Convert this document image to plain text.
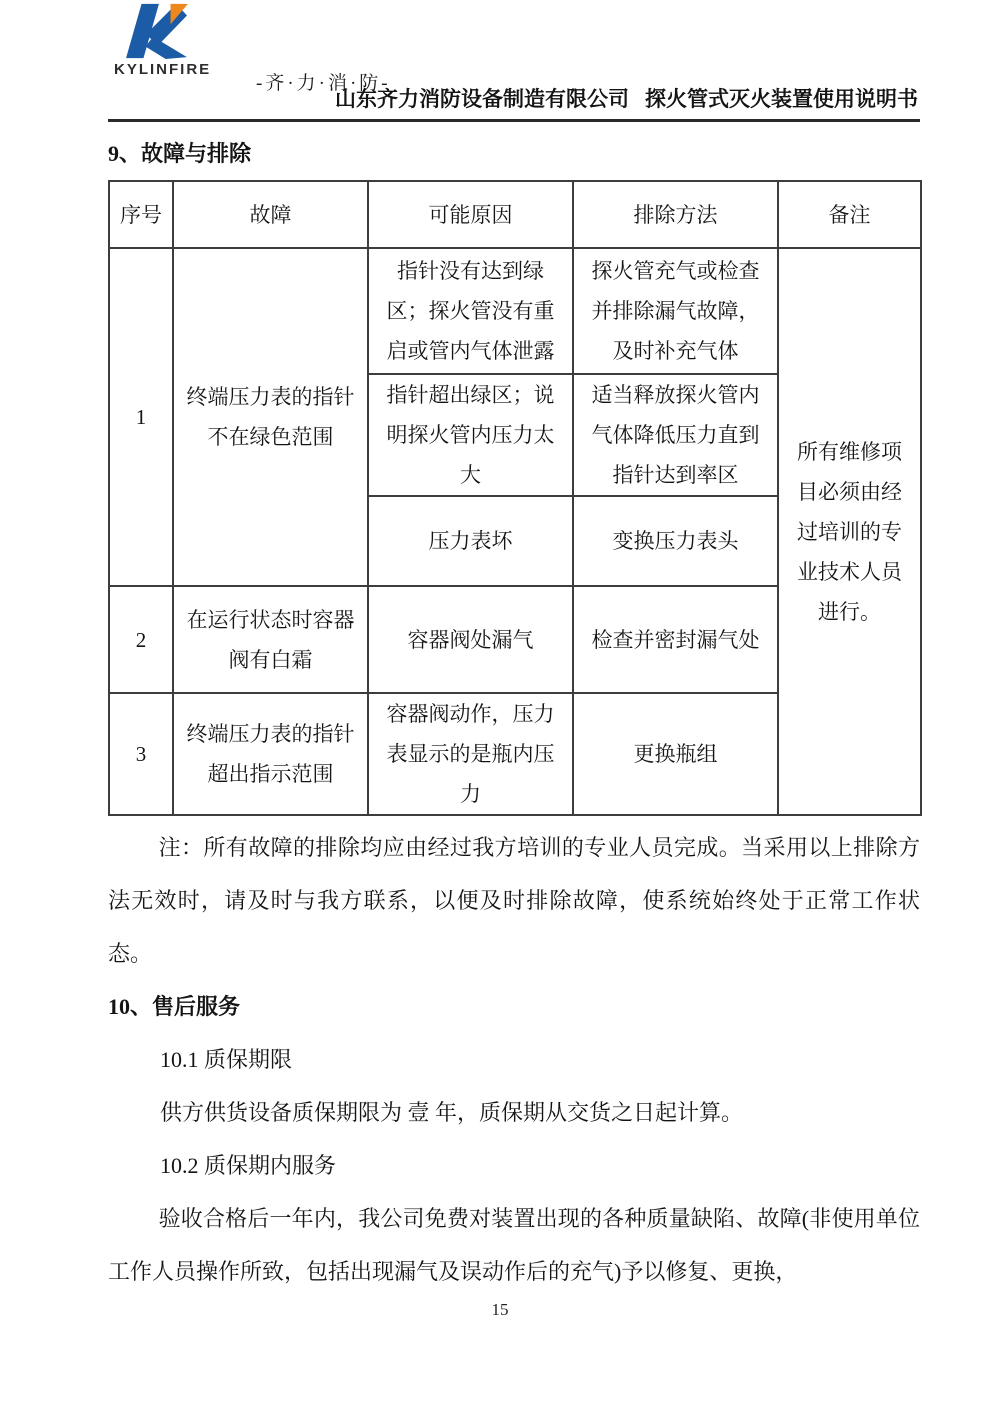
KYLINFIRE
-齐·力·消·防-
山东齐力消防设备制造有限公司 探火管式灭火装置使用说明书
9、故障与排除
序号	故障	可能原因	排除方法	备注
1	终端压力表的指针不在绿色范围	指针没有达到绿区；探火管没有重启或管内气体泄露	探火管充气或检查并排除漏气故障，及时补充气体	所有维修项目必须由经过培训的专业技术人员进行。
		指针超出绿区；说明探火管内压力太大	适当释放探火管内气体降低压力直到指针达到率区	
		压力表坏	变换压力表头	
2	在运行状态时容器阀有白霜	容器阀处漏气	检查并密封漏气处	
3	终端压力表的指针超出指示范围	容器阀动作，压力表显示的是瓶内压力	更换瓶组	

注：所有故障的排除均应由经过我方培训的专业人员完成。当采用以上排除方法无效时，请及时与我方联系，以便及时排除故障，使系统始终处于正常工作状态。

10、售后服务

10.1 质保期限

供方供货设备质保期限为 壹 年，质保期从交货之日起计算。

10.2 质保期内服务

验收合格后一年内，我公司免费对装置出现的各种质量缺陷、故障(非使用单位工作人员操作所致，包括出现漏气及误动作后的充气)予以修复、更换，

15
